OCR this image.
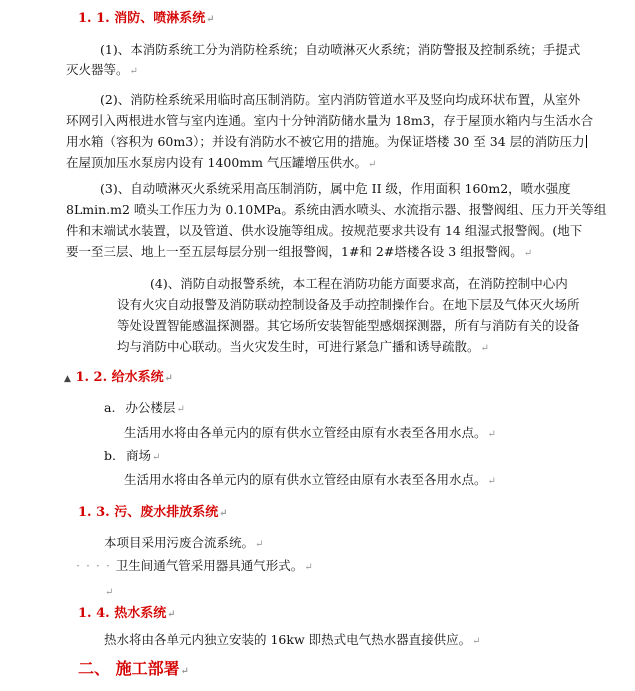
1. 1. 消防、喷淋系统↵
(1)、本消防系统工分为消防栓系统；自动喷淋灭火系统；消防警报及控制系统；手提式
灭火器等。↵
(2)、消防栓系统采用临时高压制消防。室内消防管道水平及竖向均成环状布置，从室外
环网引入两根进水管与室内连通。室内十分钟消防储水量为 18m3，存于屋顶水箱内与生活水合
用水箱（容积为 60m3）；并设有消防水不被它用的措施。为保证塔楼 30 至 34 层的消防压力
在屋顶加压水泵房内设有 1400mm 气压罐增压供水。↵
(3)、自动喷淋灭火系统采用高压制消防，属中危 II 级，作用面积 160m2，喷水强度
8Lmin.m2 喷头工作压力为 0.10MPa。系统由洒水喷头、水流指示器、报警阀组、压力开关等组
件和末端试水装置，以及管道、供水设施等组成。按规范要求共设有 14 组湿式报警阀。(地下
要一至三层、地上一至五层每层分别一组报警阀，1#和 2#塔楼各设 3 组报警阀。↵
(4)、消防自动报警系统，本工程在消防功能方面要求高，在消防控制中心内
设有火灾自动报警及消防联动控制设备及手动控制操作台。在地下层及气体灭火场所
等处设置智能感温探测器。其它场所安装智能型感烟探测器，所有与消防有关的设备
均与消防中心联动。当火灾发生时，可进行紧急广播和诱导疏散。↵
▲ 1. 2. 给水系统↵
a. 办公楼层↵
生活用水将由各单元内的原有供水立管经由原有水表至各用水点。↵
b. 商场↵
生活用水将由各单元内的原有供水立管经由原有水表至各用水点。↵
1. 3. 污、废水排放系统↵
本项目采用污废合流系统。↵
· · · · 卫生间通气管采用器具通气形式。↵
↵
1. 4. 热水系统↵
热水将由各单元内独立安装的 16kw 即热式电气热水器直接供应。↵
二、 施工部署↵
